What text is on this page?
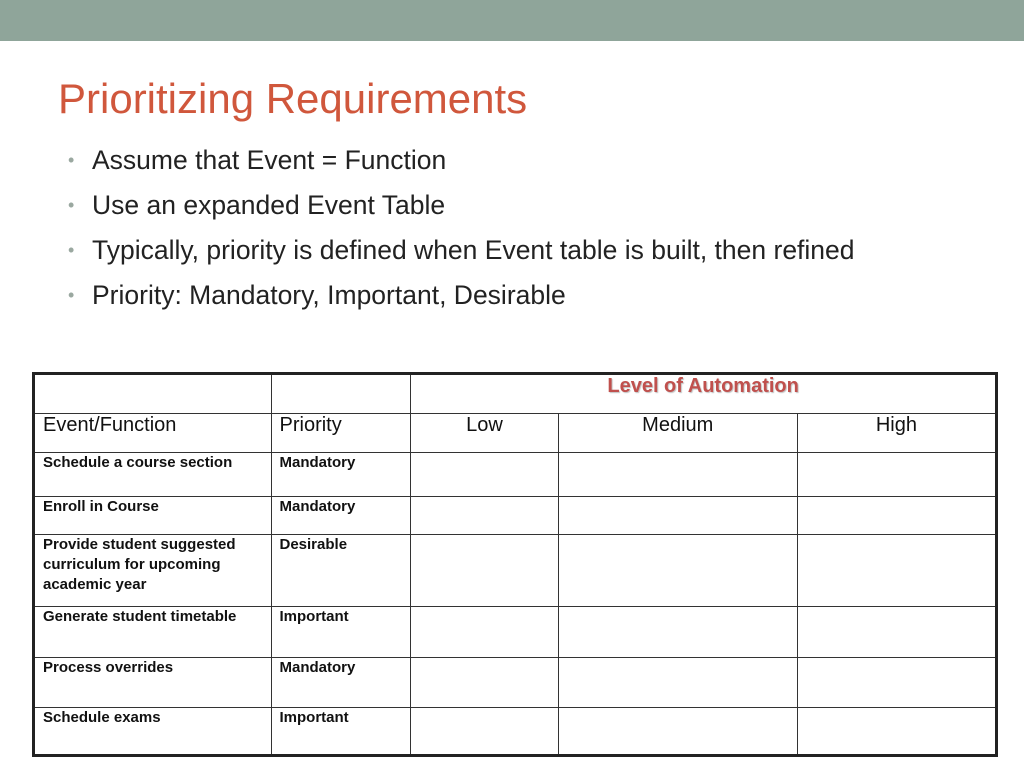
Prioritizing Requirements
• Assume that Event = Function
• Use an expanded Event Table
• Typically, priority is defined when Event table is built, then refined
• Priority: Mandatory, Important, Desirable
		Level of Automation		
Event/Function	Priority	Low	Medium	High
Schedule a course section	Mandatory			
Enroll in Course	Mandatory			
Provide student suggested curriculum for upcoming academic year	Desirable			
Generate student timetable	Important			
Process overrides	Mandatory			
Schedule exams	Important			
